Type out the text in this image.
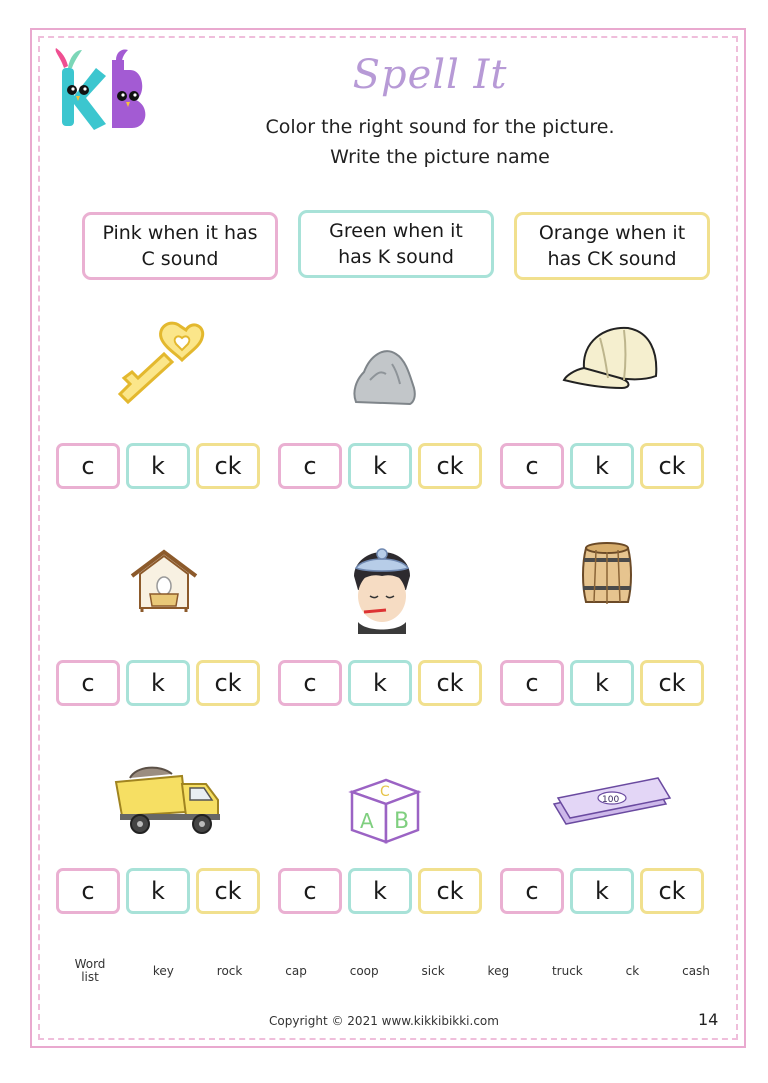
Spell It
Color the right sound for the picture.
Write the picture name
Pink when it has
C sound
Green when it
has K sound
Orange when it
has CK sound
c	k	ck	c	k	ck	c	k	ck
c	k	ck	c	k	ck	c	k	ck
C
A B
100
c	k	ck	c	k	ck	c	k	ck
Word
list	key	rock	cap	coop	sick	keg	truck	ck	cash
Copyright © 2021 www.kikkibikki.com	14
